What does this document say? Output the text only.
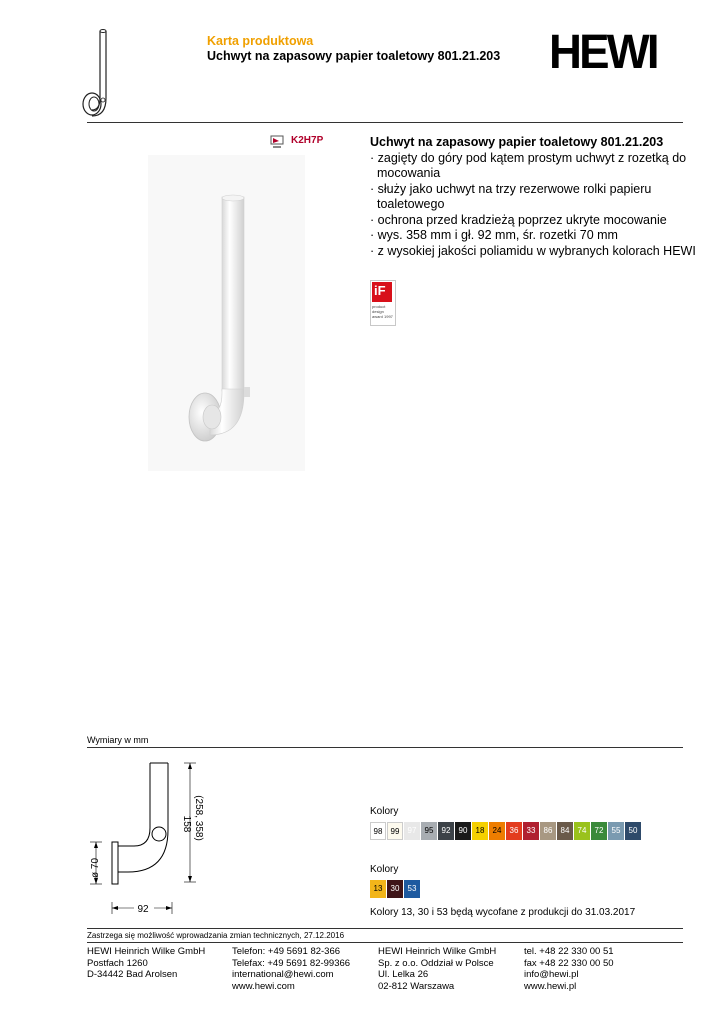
Karta produktowa
Uchwyt na zapasowy papier toaletowy 801.21.203 HEWI
K2H7P	Uchwyt na zapasowy papier toaletowy 801.21.203
· zagięty do góry pod kątem prostym uchwyt z rozetką do mocowania
· służy jako uchwyt na trzy rezerwowe rolki papieru toaletowego
· ochrona przed kradzieżą poprzez ukryte mocowanie
· wys. 358 mm i gł. 92 mm, śr. rozetki 70 mm
· z wysokiej jakości poliamidu w wybranych kolorach HEWI
iF
product design award 1997
Wymiary w mm
158 (258, 358)
ø 70
92
Kolory
98	99	97	95	92	90	18	24	36	33	86	84	74	72	55	50
Kolory
13	30	53
Kolory 13, 30 i 53 będą wycofane z produkcji do 31.03.2017
Zastrzega się możliwość wprowadzania zmian technicznych, 27.12.2016
HEWI Heinrich Wilke GmbH
Postfach 1260
D-34442 Bad Arolsen
Telefon: +49 5691 82-366
Telefax: +49 5691 82-99366
international@hewi.com
www.hewi.com
HEWI Heinrich Wilke GmbH
Sp. z o.o. Oddział w Polsce
Ul. Lelka 26
02-812 Warszawa
tel. +48 22 330 00 51
fax +48 22 330 00 50
info@hewi.pl
www.hewi.pl
